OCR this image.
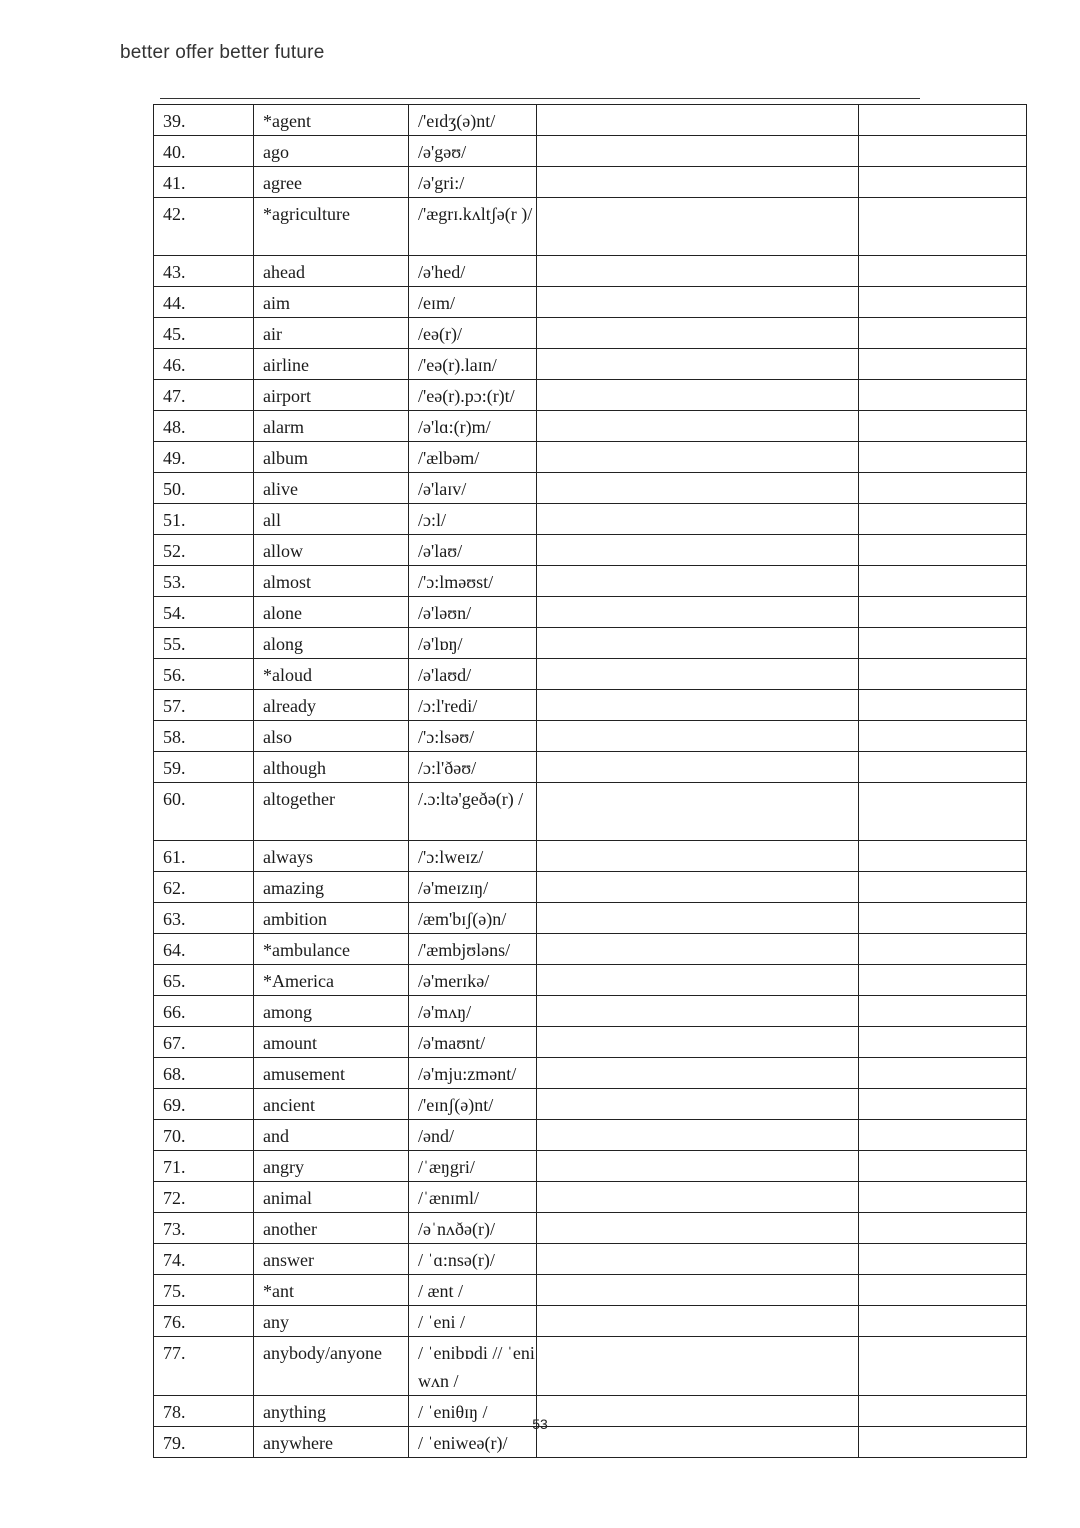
better offer better future
39.	*agent	/'eɪdʒ(ə)nt/		
40.	ago	/ə'gəʊ/		
41.	agree	/ə'gri:/		
42.	*agriculture	/'ægrɪ.kʌltʃə(r )/		
43.	ahead	/ə'hed/		
44.	aim	/eɪm/		
45.	air	/eə(r)/		
46.	airline	/'eə(r).laɪn/		
47.	airport	/'eə(r).pɔ:(r)t/		
48.	alarm	/ə'lɑ:(r)m/		
49.	album	/'ælbəm/		
50.	alive	/ə'laɪv/		
51.	all	/ɔ:l/		
52.	allow	/ə'laʊ/		
53.	almost	/'ɔ:lməʊst/		
54.	alone	/ə'ləʊn/		
55.	along	/ə'lɒŋ/		
56.	*aloud	/ə'laʊd/		
57.	already	/ɔ:l'redi/		
58.	also	/'ɔ:lsəʊ/		
59.	although	/ɔ:l'ðəʊ/		
60.	altogether	/.ɔ:ltə'geðə(r) /		
61.	always	/'ɔ:lweɪz/		
62.	amazing	/ə'meɪzɪŋ/		
63.	ambition	/æm'bɪʃ(ə)n/		
64.	*ambulance	/'æmbjʊləns/		
65.	*America	/ə'merɪkə/		
66.	among	/ə'mʌŋ/		
67.	amount	/ə'maʊnt/		
68.	amusement	/ə'mju:zmənt/		
69.	ancient	/'eɪnʃ(ə)nt/		
70.	and	/ənd/		
71.	angry	/ˈæŋgri/		
72.	animal	/ˈænɪml/		
73.	another	/əˈnʌðə(r)/		
74.	answer	/ ˈɑ:nsə(r)/		
75.	*ant	/ ænt /		
76.	any	/ ˈeni /		
77.	anybody/anyone	/ ˈenibɒdi // ˈeniwʌn /		
78.	anything	/ ˈeniθɪŋ /		
79.	anywhere	/ ˈeniweə(r)/		
53
